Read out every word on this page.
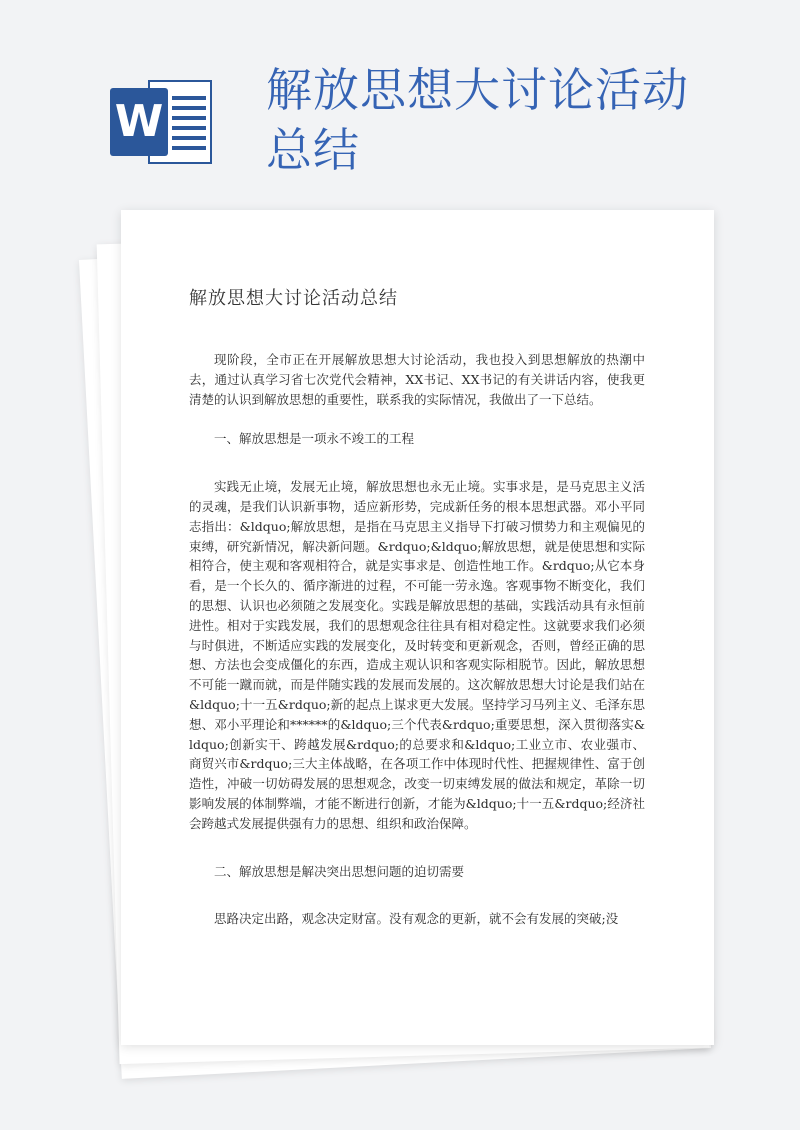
W
解放思想大讨论活动总结
解放思想大讨论活动总结

现阶段，全市正在开展解放思想大讨论活动，我也投入到思想解放的热潮中去，通过认真学习省七次党代会精神，XX书记、XX书记的有关讲话内容，使我更清楚的认识到解放思想的重要性，联系我的实际情况，我做出了一下总结。

一、解放思想是一项永不竣工的工程

实践无止境，发展无止境，解放思想也永无止境。实事求是，是马克思主义活的灵魂，是我们认识新事物，适应新形势，完成新任务的根本思想武器。邓小平同志指出：&ldquo;解放思想，是指在马克思主义指导下打破习惯势力和主观偏见的束缚，研究新情况，解决新问题。&rdquo;&ldquo;解放思想，就是使思想和实际相符合，使主观和客观相符合，就是实事求是、创造性地工作。&rdquo;从它本身看，是一个长久的、循序渐进的过程，不可能一劳永逸。客观事物不断变化，我们的思想、认识也必须随之发展变化。实践是解放思想的基础，实践活动具有永恒前进性。相对于实践发展，我们的思想观念往往具有相对稳定性。这就要求我们必须与时俱进，不断适应实践的发展变化，及时转变和更新观念，否则，曾经正确的思想、方法也会变成僵化的东西，造成主观认识和客观实际相脱节。因此，解放思想不可能一蹴而就，而是伴随实践的发展而发展的。这次解放思想大讨论是我们站在&ldquo;十一五&rdquo;新的起点上谋求更大发展。坚持学习马列主义、毛泽东思想、邓小平理论和******的&ldquo;三个代表&rdquo;重要思想，深入贯彻落实&ldquo;创新实干、跨越发展&rdquo;的总要求和&ldquo;工业立市、农业强市、商贸兴市&rdquo;三大主体战略，在各项工作中体现时代性、把握规律性、富于创造性，冲破一切妨碍发展的思想观念，改变一切束缚发展的做法和规定，革除一切影响发展的体制弊端，才能不断进行创新，才能为&ldquo;十一五&rdquo;经济社会跨越式发展提供强有力的思想、组织和政治保障。

二、解放思想是解决突出思想问题的迫切需要

思路决定出路，观念决定财富。没有观念的更新，就不会有发展的突破;没
